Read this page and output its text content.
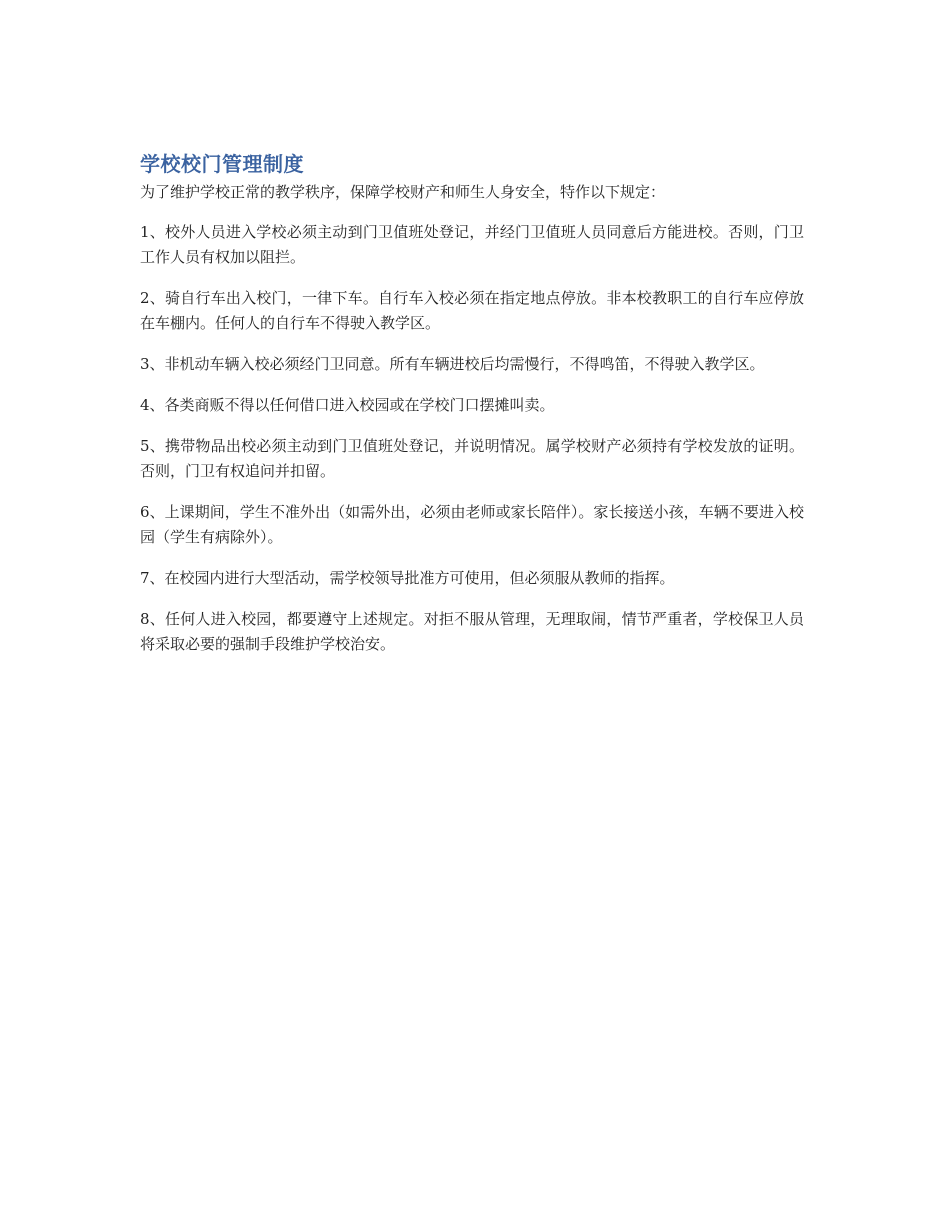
学校校门管理制度

为了维护学校正常的教学秩序，保障学校财产和师生人身安全，特作以下规定：

1、校外人员进入学校必须主动到门卫值班处登记，并经门卫值班人员同意后方能进校。否则，门卫工作人员有权加以阻拦。

2、骑自行车出入校门，一律下车。自行车入校必须在指定地点停放。非本校教职工的自行车应停放在车棚内。任何人的自行车不得驶入教学区。

3、非机动车辆入校必须经门卫同意。所有车辆进校后均需慢行，不得鸣笛，不得驶入教学区。

4、各类商贩不得以任何借口进入校园或在学校门口摆摊叫卖。

5、携带物品出校必须主动到门卫值班处登记，并说明情况。属学校财产必须持有学校发放的证明。否则，门卫有权追问并扣留。

6、上课期间，学生不准外出（如需外出，必须由老师或家长陪伴）。家长接送小孩，车辆不要进入校园（学生有病除外）。

7、在校园内进行大型活动，需学校领导批准方可使用，但必须服从教师的指挥。

8、任何人进入校园，都要遵守上述规定。对拒不服从管理，无理取闹，情节严重者，学校保卫人员将采取必要的强制手段维护学校治安。
